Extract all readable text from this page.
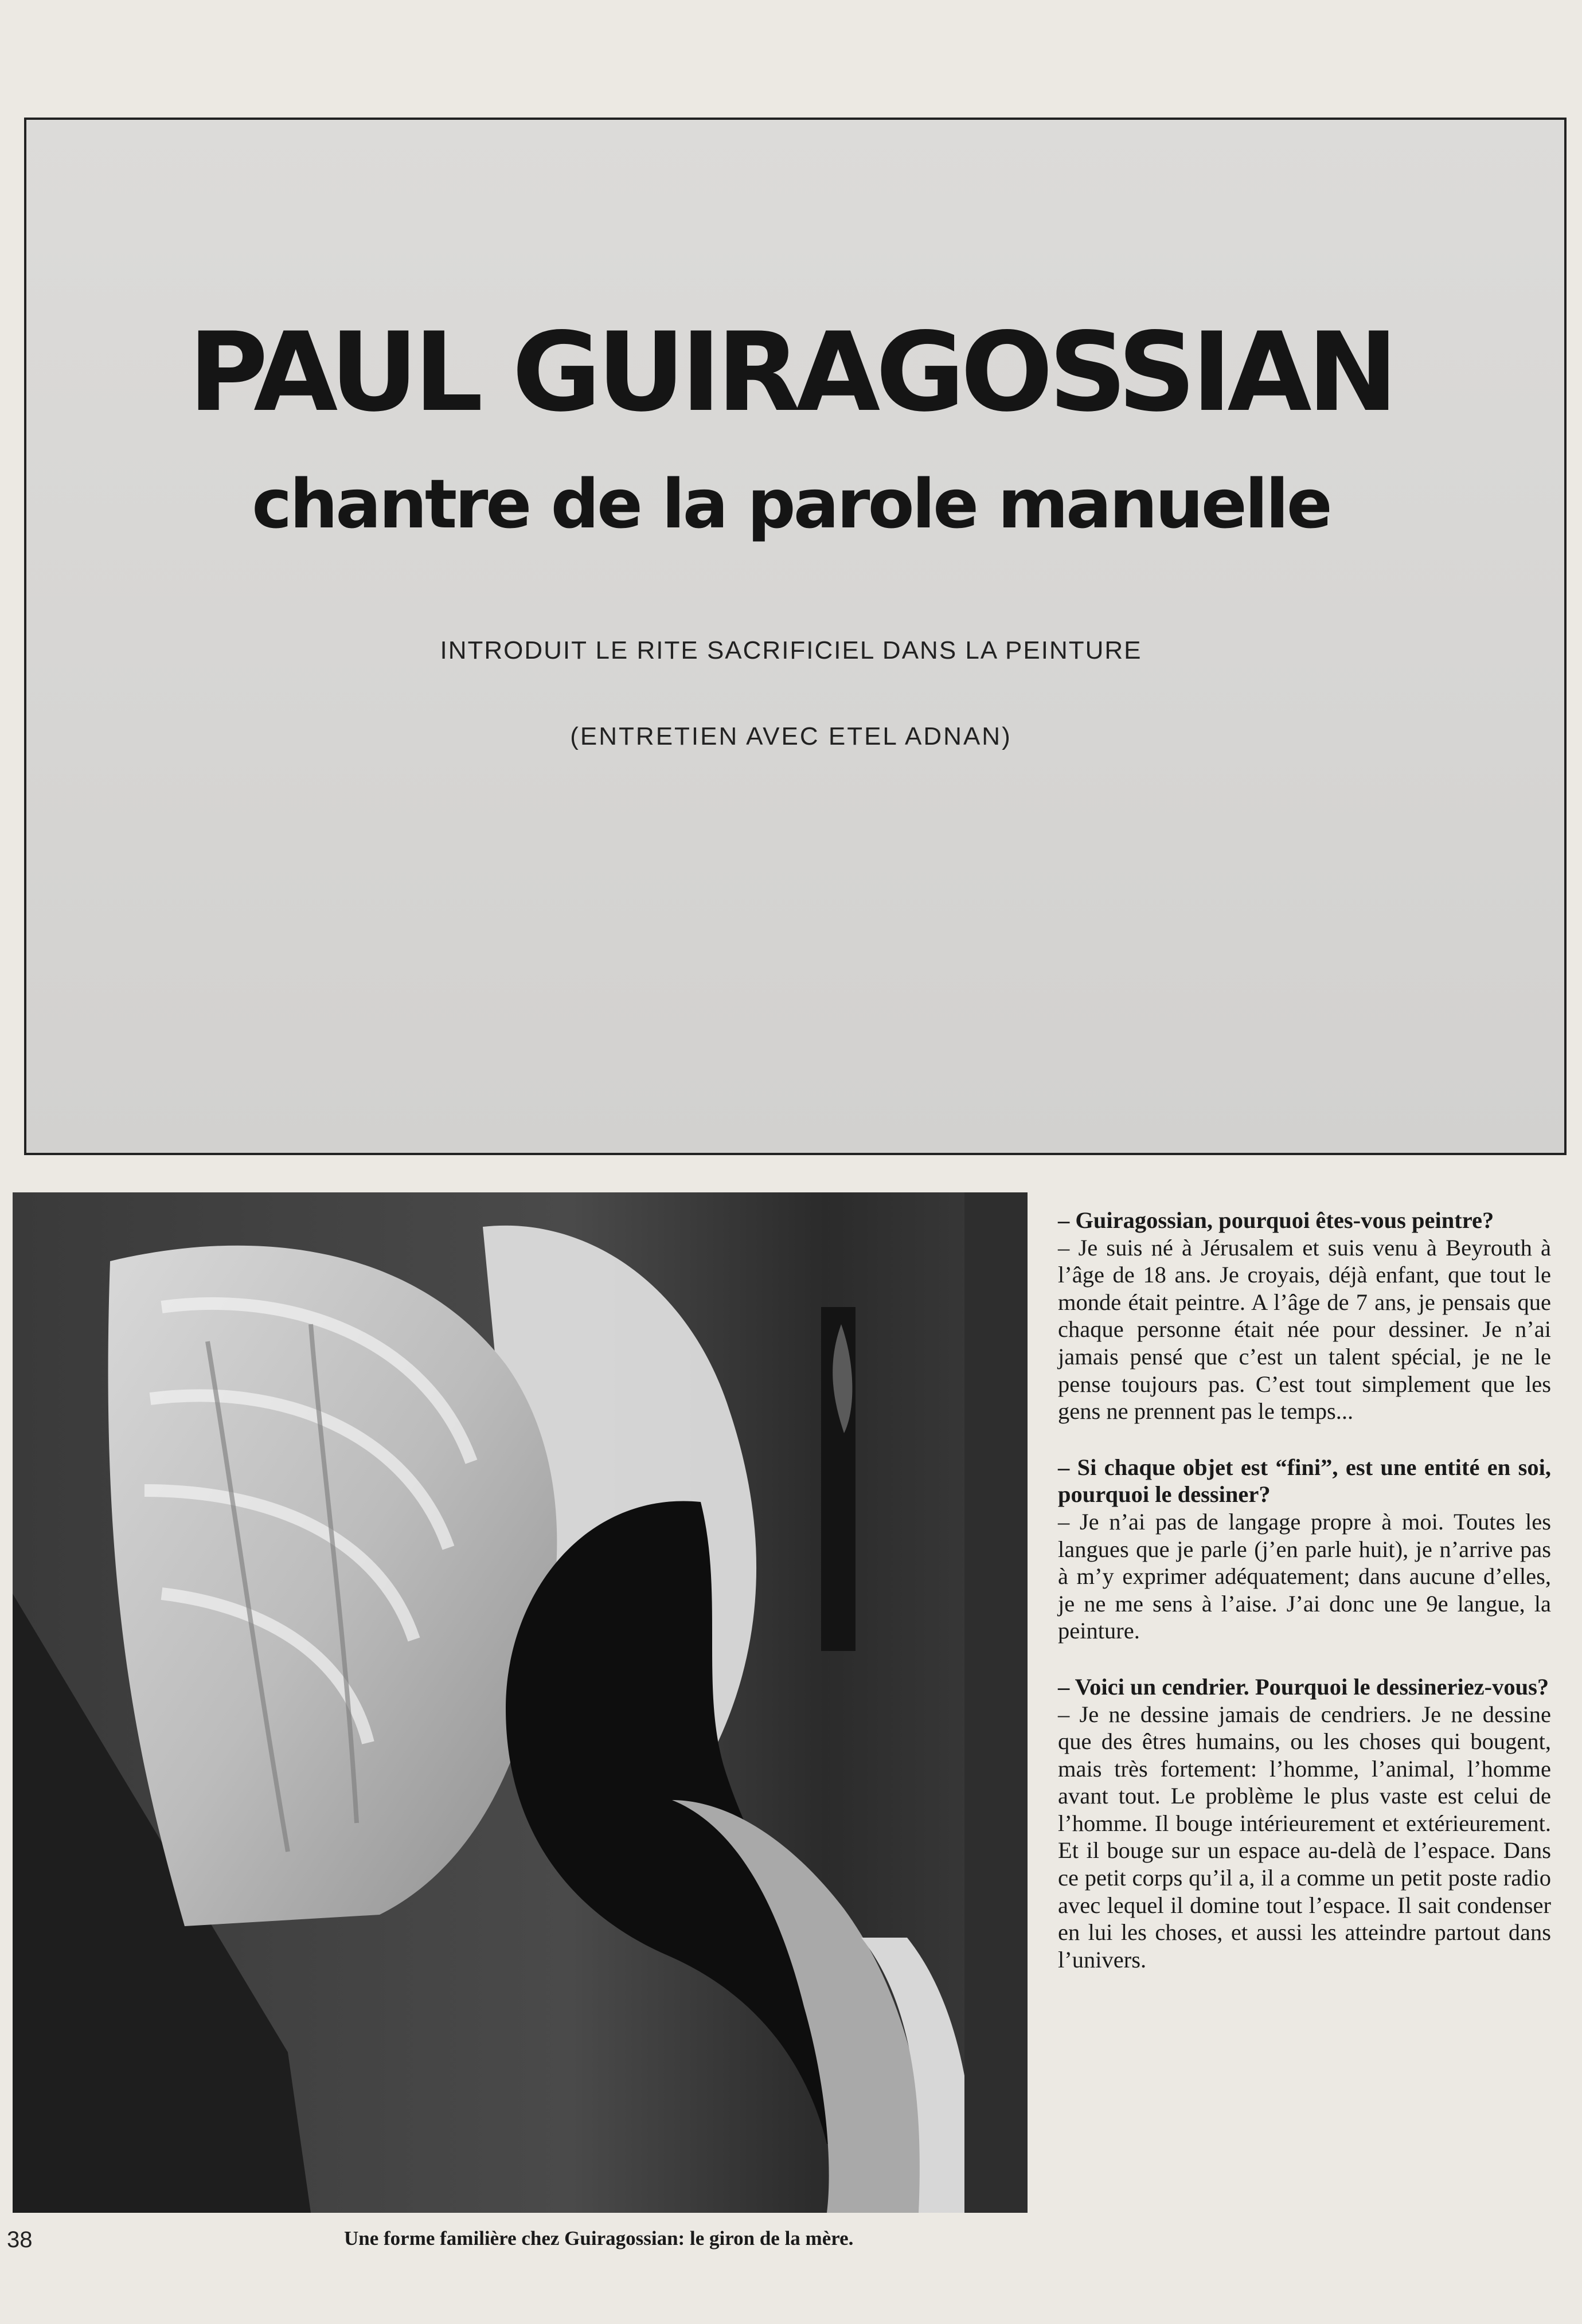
PAUL GUIRAGOSSIAN
chantre de la parole manuelle
INTRODUIT LE RITE SACRIFICIEL DANS LA PEINTURE
(ENTRETIEN AVEC ETEL ADNAN)
Une forme familière chez Guiragossian: le giron de la mère.
38

– Guiragossian, pourquoi êtes-vous peintre?

– Je suis né à Jérusalem et suis venu à Beyrouth à l’âge de 18 ans. Je croyais, déjà enfant, que tout le monde était peintre. A l’âge de 7 ans, je pensais que chaque personne était née pour dessiner. Je n’ai jamais pensé que c’est un talent spécial, je ne le pense toujours pas. C’est tout simplement que les gens ne prennent pas le temps...

– Si chaque objet est “fini”, est une entité en soi, pourquoi le dessiner?

– Je n’ai pas de langage propre à moi. Toutes les langues que je parle (j’en parle huit), je n’arrive pas à m’y exprimer adéquatement; dans aucune d’elles, je ne me sens à l’aise. J’ai donc une 9e langue, la peinture.

– Voici un cendrier. Pourquoi le dessineriez-vous?

– Je ne dessine jamais de cendriers. Je ne dessine que des êtres humains, ou les choses qui bougent, mais très fortement: l’homme, l’animal, l’homme avant tout. Le problème le plus vaste est celui de l’homme. Il bouge intérieurement et extérieurement. Et il bouge sur un espace au-delà de l’espace. Dans ce petit corps qu’il a, il a comme un petit poste radio avec lequel il domine tout l’espace. Il sait condenser en lui les choses, et aussi les atteindre partout dans l’univers.
